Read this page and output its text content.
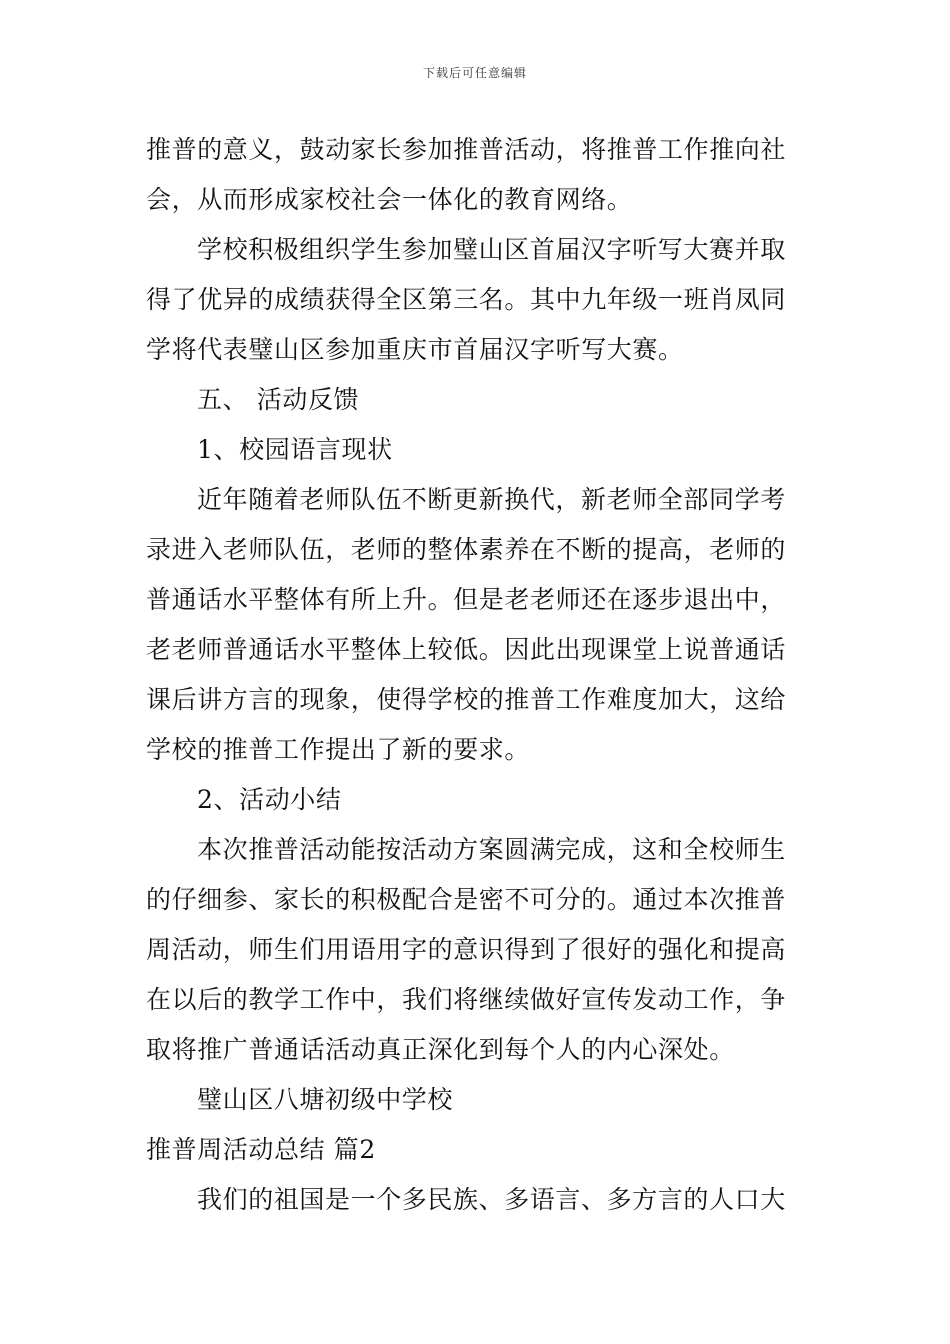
下载后可任意编辑
推普的意义，鼓动家长参加推普活动，将推普工作推向社
会，从而形成家校社会一体化的教育网络。
学校积极组织学生参加璧山区首届汉字听写大赛并取
得了优异的成绩获得全区第三名。其中九年级一班肖凤同
学将代表璧山区参加重庆市首届汉字听写大赛。
五、 活动反馈
1、校园语言现状
近年随着老师队伍不断更新换代，新老师全部同学考
录进入老师队伍，老师的整体素养在不断的提高，老师的
普通话水平整体有所上升。但是老老师还在逐步退出中，
老老师普通话水平整体上较低。因此出现课堂上说普通话
课后讲方言的现象，使得学校的推普工作难度加大，这给
学校的推普工作提出了新的要求。
2、活动小结
本次推普活动能按活动方案圆满完成，这和全校师生
的仔细参、家长的积极配合是密不可分的。通过本次推普
周活动，师生们用语用字的意识得到了很好的强化和提高
在以后的教学工作中，我们将继续做好宣传发动工作，争
取将推广普通话活动真正深化到每个人的内心深处。
璧山区八塘初级中学校
推普周活动总结 篇2
我们的祖国是一个多民族、多语言、多方言的人口大
